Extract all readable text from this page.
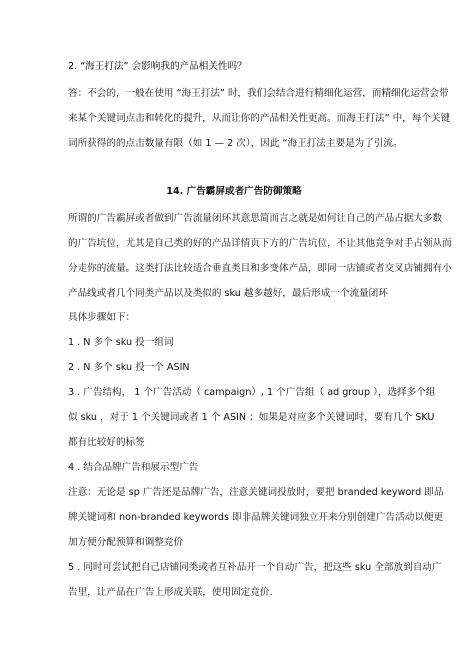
2. “海王打法” 会影响我的产品相关性吗？
答：不会的，一般在使用 “海王打法” 时，我们会结合进行精细化运营，而精细化运营会带
来某个关键词点击和转化的提升，从而让你的产品相关性更高。而海王打法” 中，每个关键
词所获得的的点击数量有限（如 1 — 2 次），因此 “海王打法主要是为了引流。
14. 广告霸屏或者广告防御策略
所谓的广告霸屏或者做到广告流量闭环其意思简而言之就是如何让自己的产品占据大多数
的广告坑位，尤其是自己类的好的产品详情页下方的广告坑位，不让其他竞争对手占领从而
分走你的流量。这类打法比较适合垂直类目和多变体产品，即同一店铺或者交叉店铺拥有小
产品线或者几个同类产品以及类似的 sku 越多越好，最后形成一个流量闭环
具体步骤如下：
1 . N 多个 sku 投一组词
2 . N 多个 sku 投一个 ASIN
3 . 广告结构， 1 个广告活动（ campaign）, 1 个广告组（ ad group ），选择多个组
似 sku ，对于 1 个关键词或者 1 个 ASIN ；如果是对应多个关键词时，要有几个 SKU
都有比较好的标签
4 . 结合品牌广告和展示型广告
注意：无论是 sp 广告还是品牌广告，注意关键词投放时，要把 branded keyword 即品
牌关键词和 non-branded keywords 即非品牌关键词独立开来分别创建广告活动以便更
加方便分配预算和调整竞价
5 . 同时可尝试把自己店铺同类或者互补品开一个自动广告，把这些 sku 全部放到自动广
告里，让产品在广告上形成关联，使用固定竞价.
